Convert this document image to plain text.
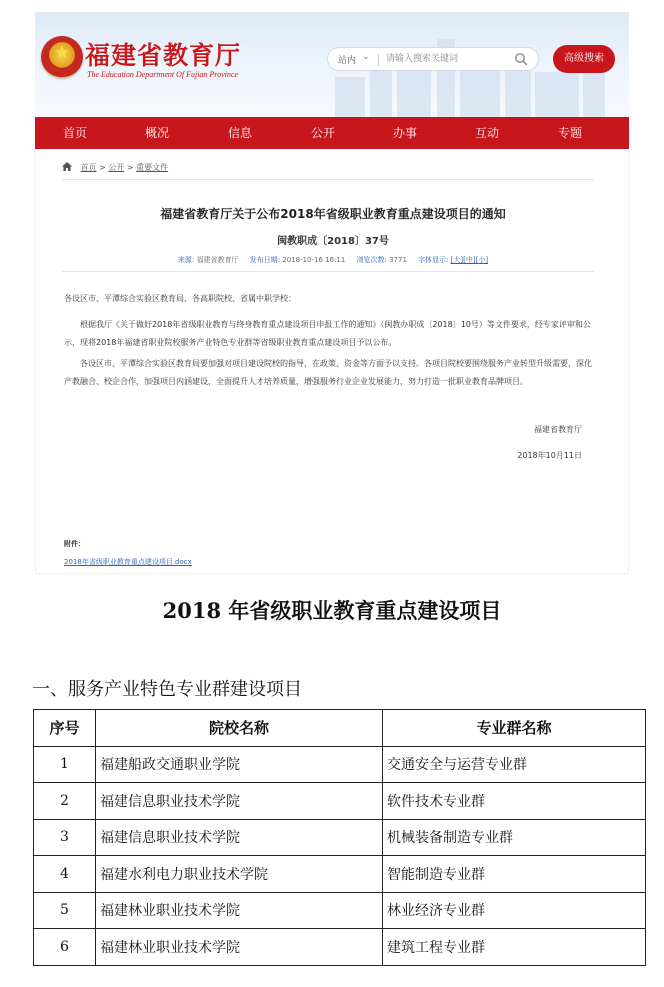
★
福建省教育厅
The Education Department Of Fujian Province
站内 ⌄
请输入搜索关键词	高级搜索
首页	概况	信息	公开	办事	互动	专题
首页 > 公开 > 重要文件
福建省教育厅关于公布2018年省级职业教育重点建设项目的通知
闽教职成〔2018〕37号
来源: 福建省教育厅 发布日期: 2018-10-16 16:11 浏览次数: 3771 字体显示: [大][中][小]
各设区市、平潭综合实验区教育局，各高职院校、省属中职学校：
根据我厅《关于做好2018年省级职业教育与终身教育重点建设项目申报工作的通知》（闽教办职成〔2018〕10号）等文件要求，经专家评审和公示，现将2018年福建省职业院校服务产业特色专业群等省级职业教育重点建设项目予以公布。
各设区市、平潭综合实验区教育局要加强对项目建设院校的指导，在政策、资金等方面予以支持。各项目院校要围绕服务产业转型升级需要，深化产教融合、校企合作，加强项目内涵建设，全面提升人才培养质量，增强服务行业企业发展能力，努力打造一批职业教育品牌项目。
福建省教育厅
2018年10月11日
附件：
2018年省级职业教育重点建设项目.docx
2018 年省级职业教育重点建设项目
一、服务产业特色专业群建设项目
序号	院校名称	专业群名称
1	福建船政交通职业学院	交通安全与运营专业群
2	福建信息职业技术学院	软件技术专业群
3	福建信息职业技术学院	机械装备制造专业群
4	福建水利电力职业技术学院	智能制造专业群
5	福建林业职业技术学院	林业经济专业群
6	福建林业职业技术学院	建筑工程专业群
